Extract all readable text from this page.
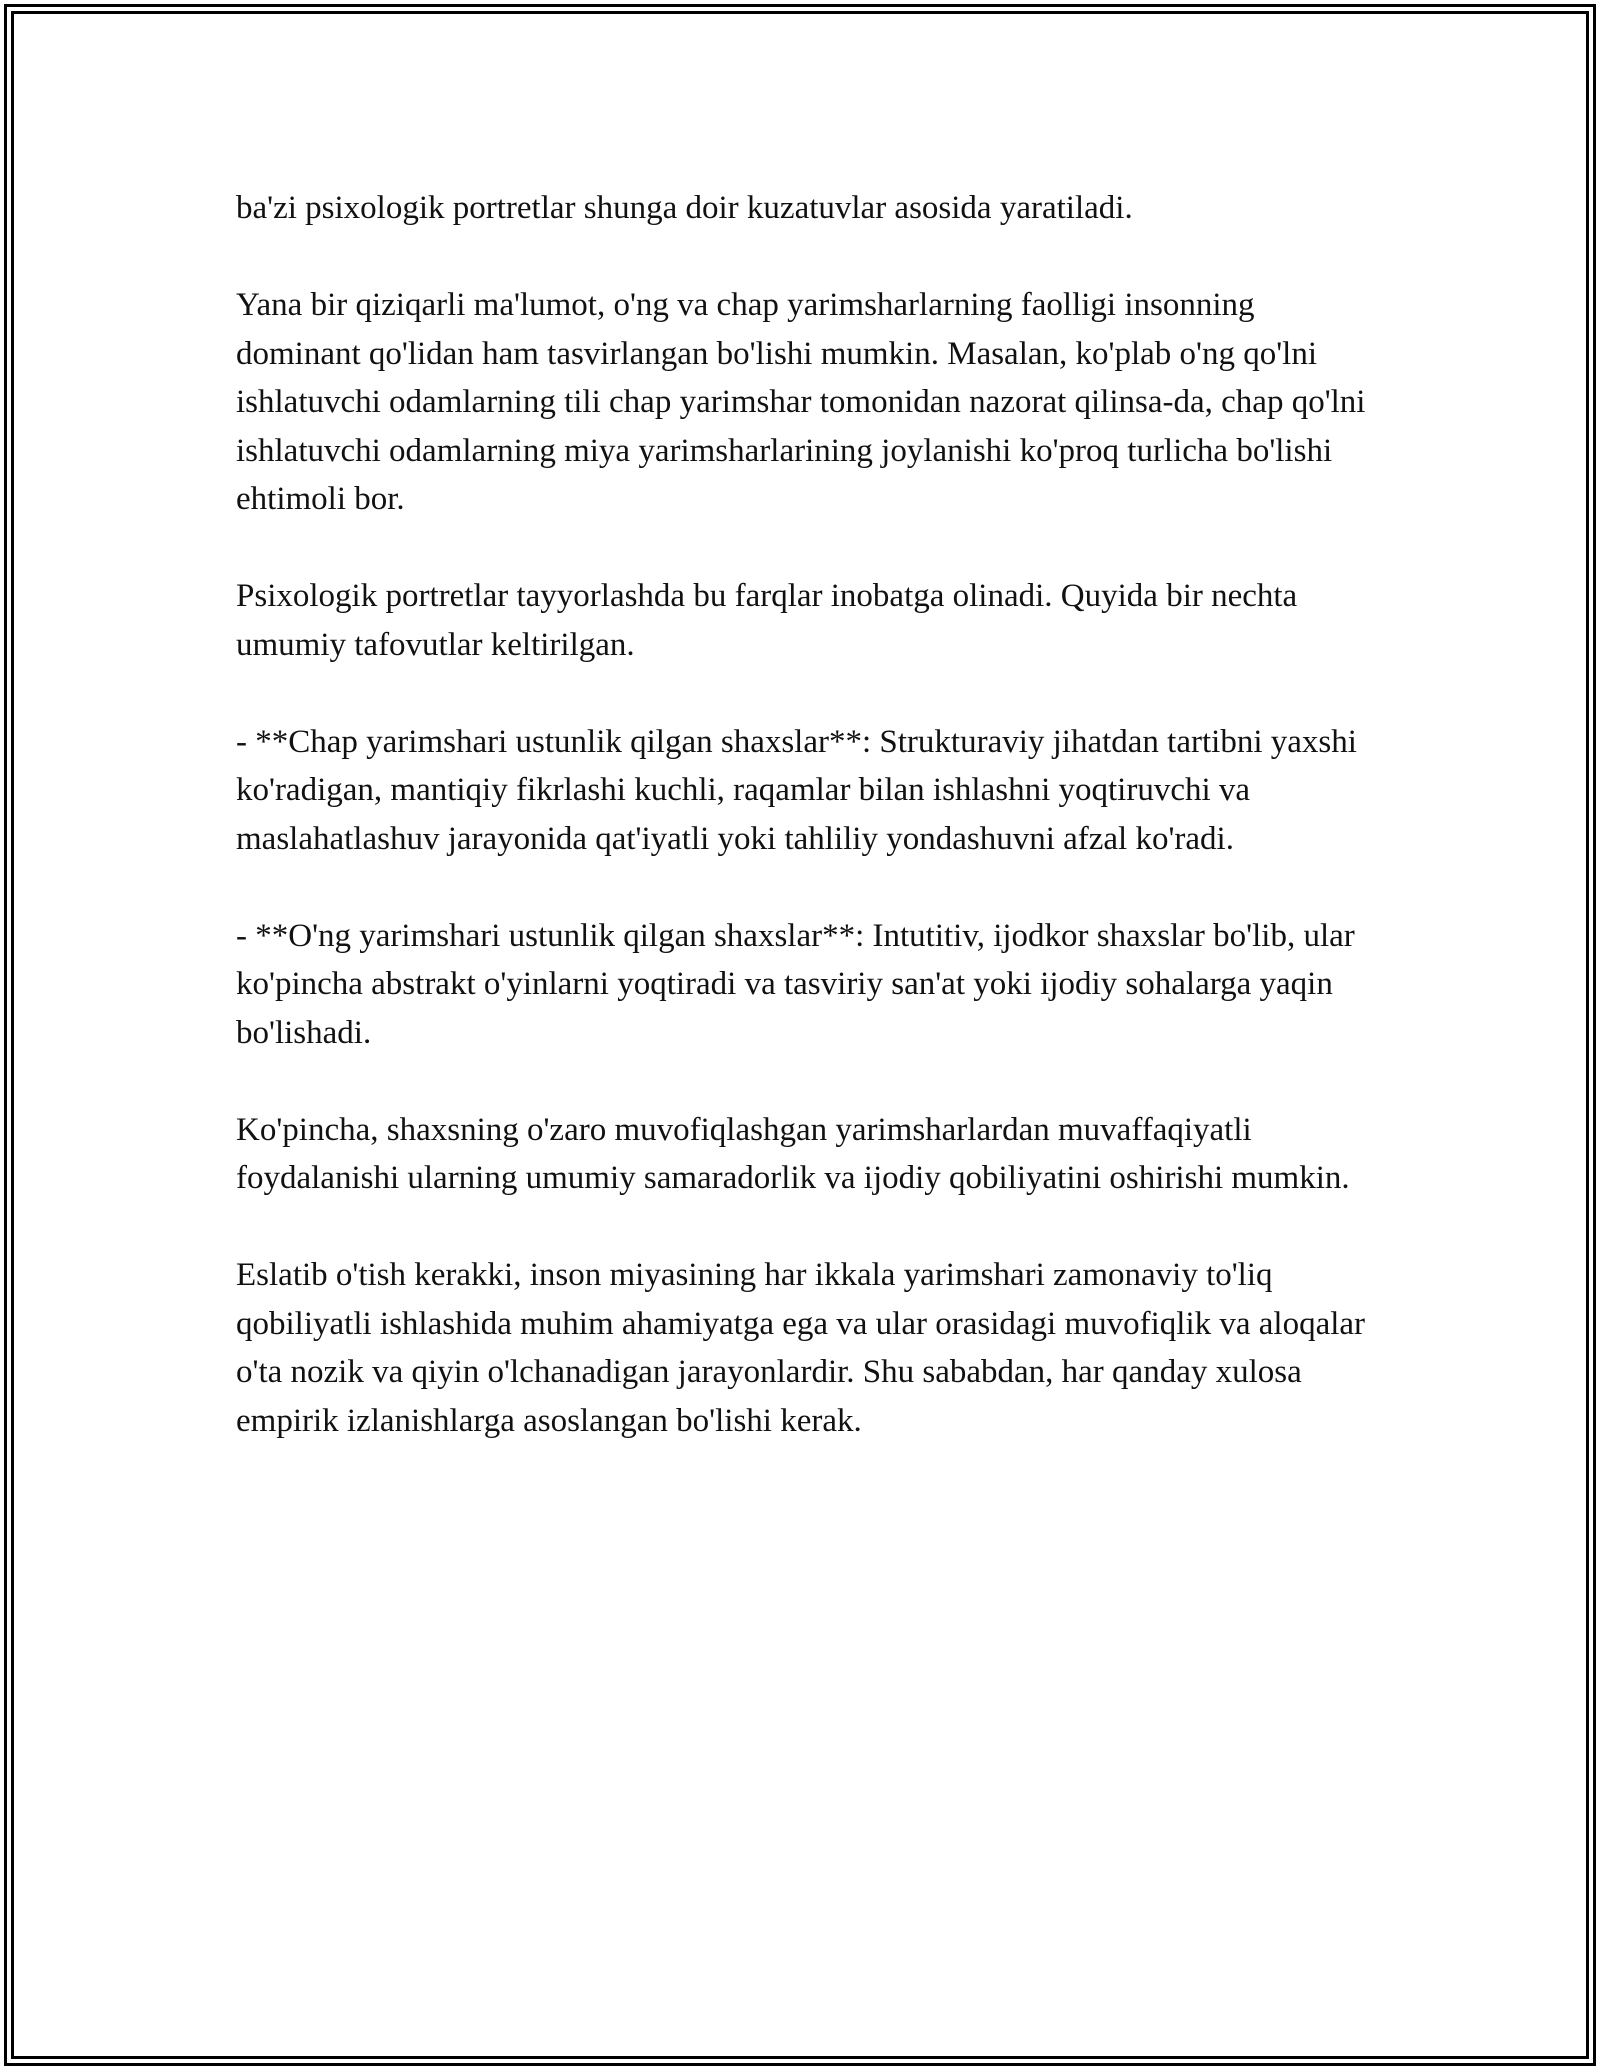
ba'zi psixologik portretlar shunga doir kuzatuvlar asosida yaratiladi.

Yana bir qiziqarli ma'lumot, o'ng va chap yarimsharlarning faolligi insonning dominant qo'lidan ham tasvirlangan bo'lishi mumkin. Masalan, ko'plab o'ng qo'lni ishlatuvchi odamlarning tili chap yarimshar tomonidan nazorat qilinsa-da, chap qo'lni ishlatuvchi odamlarning miya yarimsharlarining joylanishi ko'proq turlicha bo'lishi ehtimoli bor.

Psixologik portretlar tayyorlashda bu farqlar inobatga olinadi. Quyida bir nechta umumiy tafovutlar keltirilgan.

- **Chap yarimshari ustunlik qilgan shaxslar**: Strukturaviy jihatdan tartibni yaxshi ko'radigan, mantiqiy fikrlashi kuchli, raqamlar bilan ishlashni yoqtiruvchi va maslahatlashuv jarayonida qat'iyatli yoki tahliliy yondashuvni afzal ko'radi.

- **O'ng yarimshari ustunlik qilgan shaxslar**: Intutitiv, ijodkor shaxslar bo'lib, ular ko'pincha abstrakt o'yinlarni yoqtiradi va tasviriy san'at yoki ijodiy sohalarga yaqin bo'lishadi.

Ko'pincha, shaxsning o'zaro muvofiqlashgan yarimsharlardan muvaffaqiyatli foydalanishi ularning umumiy samaradorlik va ijodiy qobiliyatini oshirishi mumkin.

Eslatib o'tish kerakki, inson miyasining har ikkala yarimshari zamonaviy to'liq qobiliyatli ishlashida muhim ahamiyatga ega va ular orasidagi muvofiqlik va aloqalar o'ta nozik va qiyin o'lchanadigan jarayonlardir. Shu sababdan, har qanday xulosa empirik izlanishlarga asoslangan bo'lishi kerak.
